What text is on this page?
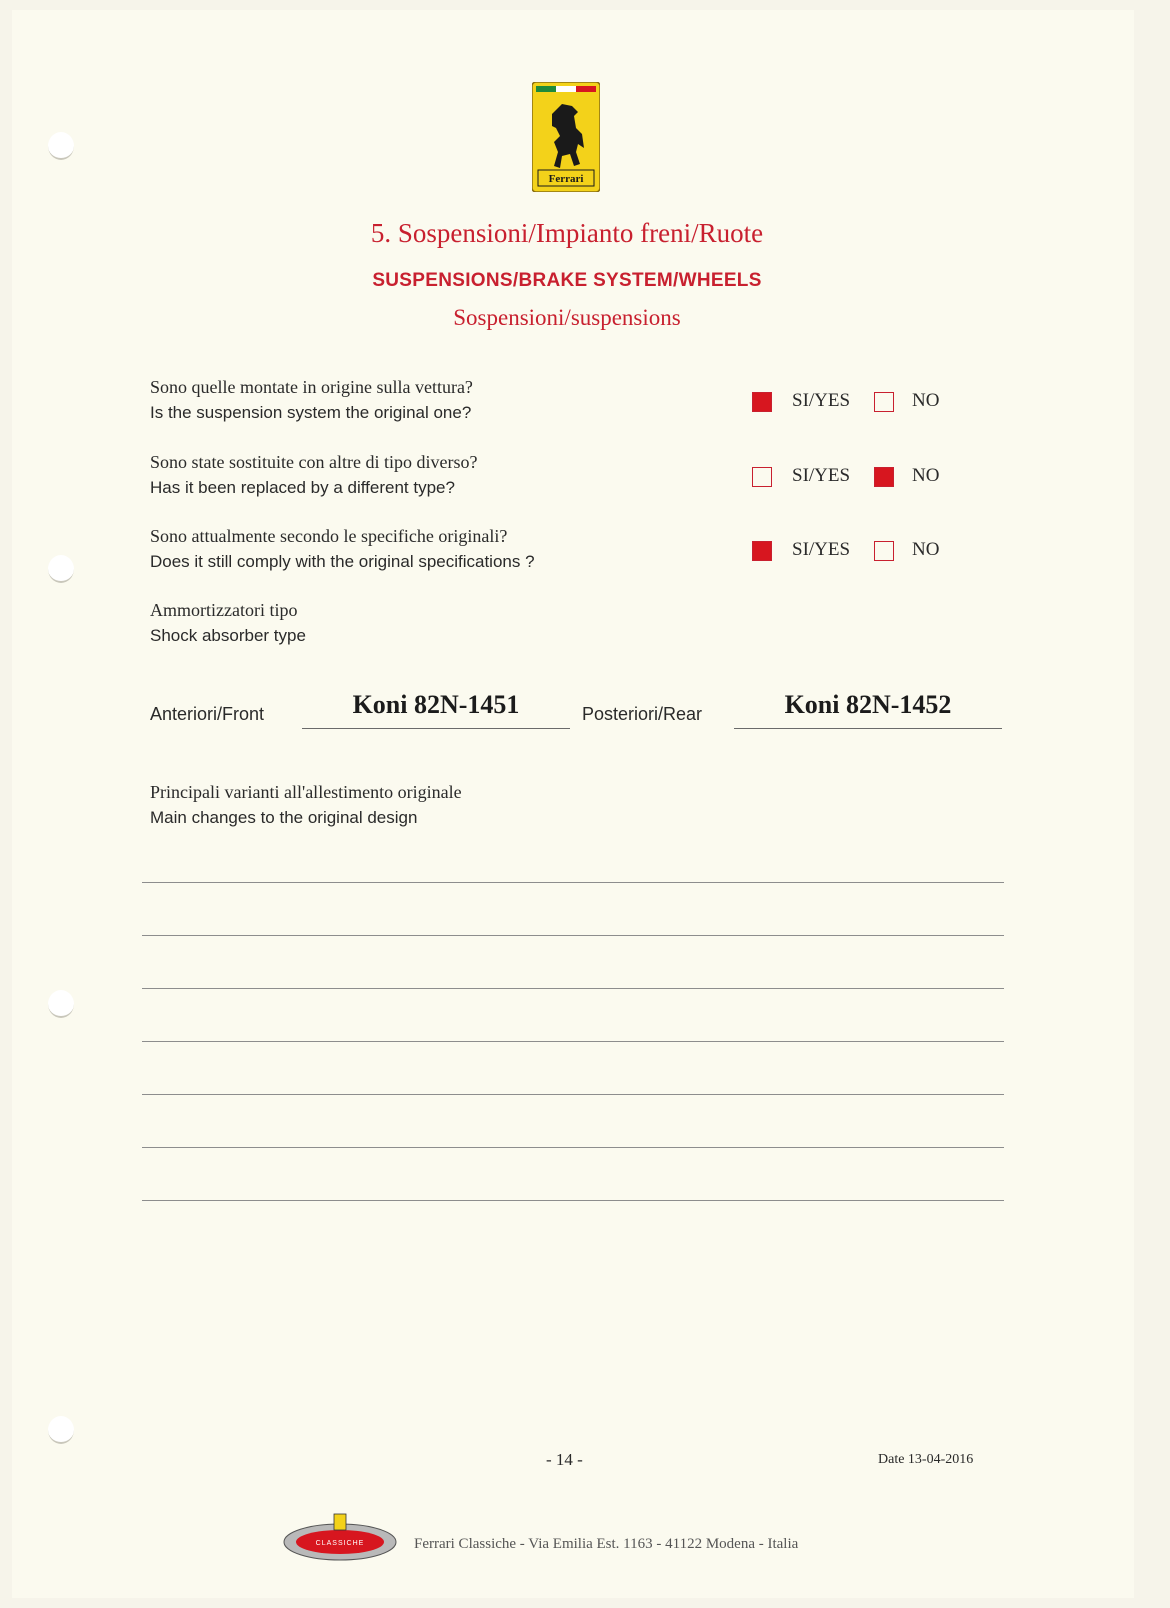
Ferrari
5. Sospensioni/Impianto freni/Ruote
SUSPENSIONS/BRAKE SYSTEM/WHEELS
Sospensioni/suspensions
Sono quelle montate in origine sulla vettura?
Is the suspension system the original one?
SI/YES	NO
Sono state sostituite con altre di tipo diverso?
Has it been replaced by a different type?
SI/YES	NO
Sono attualmente secondo le specifiche originali?
Does it still comply with the original specifications ?
SI/YES	NO
Ammortizzatori tipo
Shock absorber type
Anteriori/Front	Koni 82N-1451	Posteriori/Rear	Koni 82N-1452
Principali varianti all'allestimento originale
Main changes to the original design
- 14 -	Date 13-04-2016
CLASSICHE	Ferrari Classiche - Via Emilia Est. 1163 - 41122 Modena - Italia
